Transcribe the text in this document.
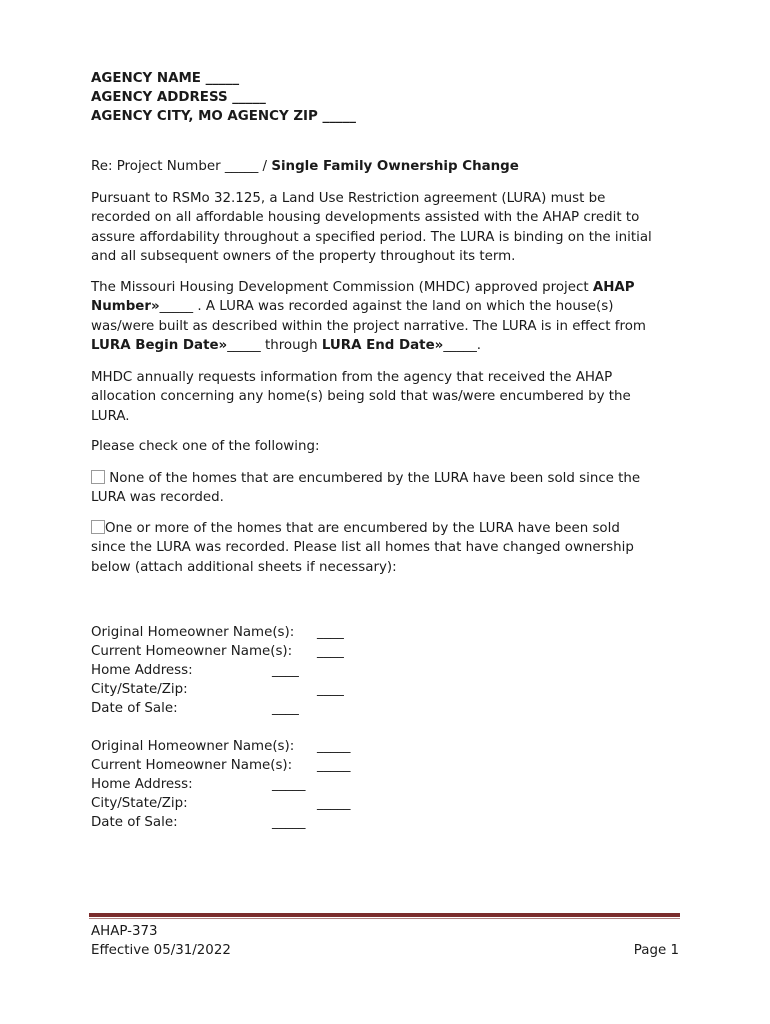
AGENCY NAME _____
AGENCY ADDRESS _____
AGENCY CITY, MO AGENCY ZIP _____
Re: Project Number _____ / Single Family Ownership Change
Pursuant to RSMo 32.125, a Land Use Restriction agreement (LURA) must be
recorded on all affordable housing developments assisted with the AHAP credit to
assure affordability throughout a specified period. The LURA is binding on the initial
and all subsequent owners of the property throughout its term.
The Missouri Housing Development Commission (MHDC) approved project AHAP
Number»_____ . A LURA was recorded against the land on which the house(s)
was/were built as described within the project narrative. The LURA is in effect from
LURA Begin Date»_____ through LURA End Date»_____.
MHDC annually requests information from the agency that received the AHAP
allocation concerning any home(s) being sold that was/were encumbered by the
LURA.
Please check one of the following:
None of the homes that are encumbered by the LURA have been sold since the
LURA was recorded.
One or more of the homes that are encumbered by the LURA have been sold
since the LURA was recorded. Please list all homes that have changed ownership
below (attach additional sheets if necessary):
Original Homeowner Name(s): ____
Current Homeowner Name(s): ____
Home Address:	____
City/State/Zip:	____
Date of Sale:	____
Original Homeowner Name(s): _____
Current Homeowner Name(s): _____
Home Address:	_____
City/State/Zip:	_____
Date of Sale:	_____
AHAP-373
Effective 05/31/2022	Page 1
